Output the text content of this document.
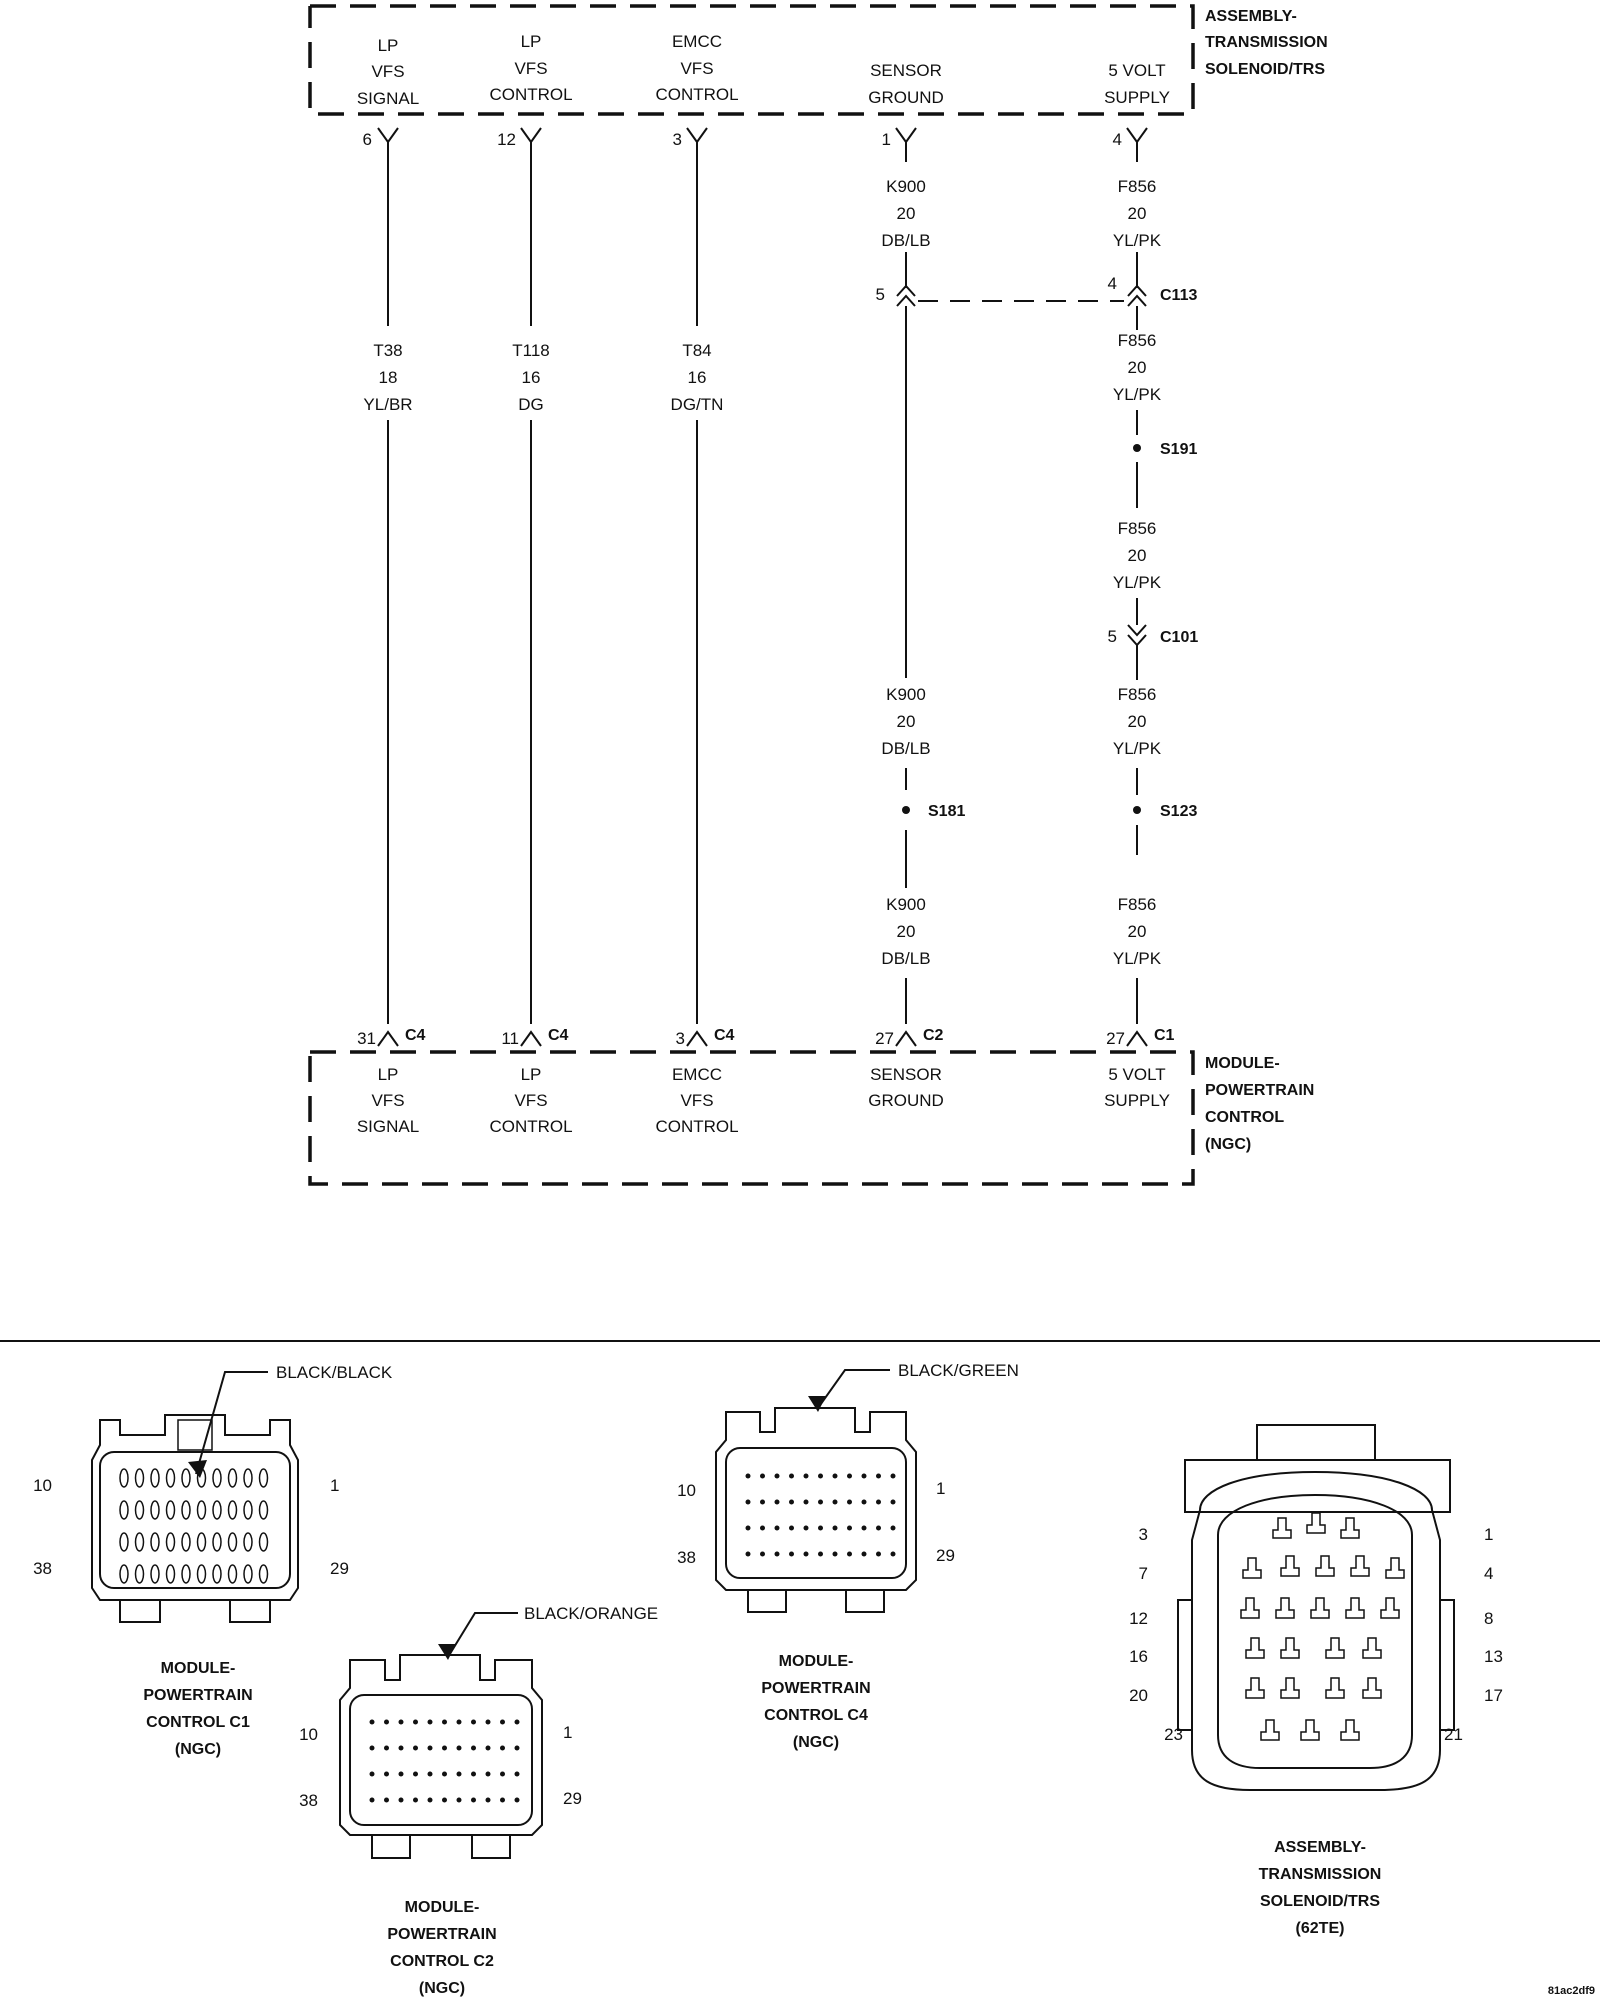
ASSEMBLY-
TRANSMISSION
SOLENOID/TRS
LP
VFS
SIGNAL
LP
VFS
CONTROL
EMCC
VFS
CONTROL
SENSOR
GROUND
5 VOLT
SUPPLY
6	12	3	1	4
T38
18
YL/BR
T118
16
DG
T84
16
DG/TN
K900
20
DB/LB
K900
20
DB/LB
K900
20
DB/LB
F856
20
YL/PK
F856
20
YL/PK
F856
20
YL/PK
F856
20
YL/PK
F856
20
YL/PK
5
4
C113
S191
5	C101
S181	S123
31 C4	11 C4	3 C4	27 C2	27 C1
MODULE-
POWERTRAIN
CONTROL
(NGC)
LP
VFS
SIGNAL
LP
VFS
CONTROL
EMCC
VFS
CONTROL
SENSOR
GROUND
5 VOLT
SUPPLY
BLACK/BLACK
10	1
38	29
MODULE-
POWERTRAIN
CONTROL C1
(NGC)
BLACK/ORANGE
10	1
38	29
MODULE-
POWERTRAIN
CONTROL C2
(NGC)
BLACK/GREEN
10	1
38	29
MODULE-
POWERTRAIN
CONTROL C4
(NGC)
3	1
7	4
12	8
16	13
20	17
23	21
ASSEMBLY-
TRANSMISSION
SOLENOID/TRS
(62TE)
81ac2df9
